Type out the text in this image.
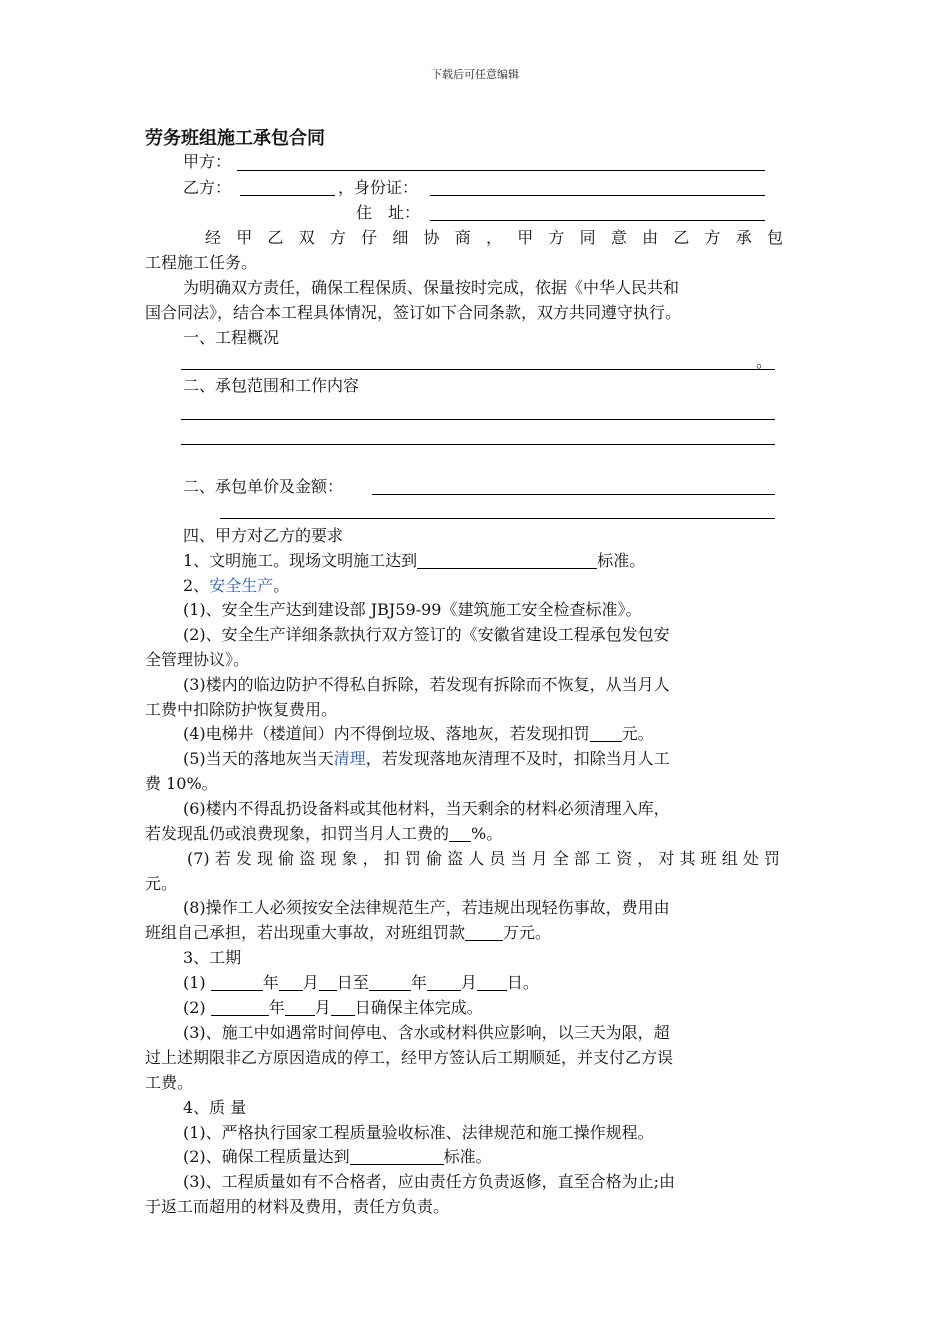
下载后可任意编辑
劳务班组施工承包合同
甲方：
乙方：	，身份证：
住　址：
经甲乙双方仔细协商，甲方同意由乙方承包
工程施工任务。
为明确双方责任，确保工程保质、保量按时完成，依据《中华人民共和
国合同法》，结合本工程具体情况，签订如下合同条款，双方共同遵守执行。
一、工程概况
。
二、承包范围和工作内容
二、承包单价及金额：
四、甲方对乙方的要求
1、文明施工。现场文明施工达到	标准。
2、安全生产。
(1)、安全生产达到建设部 JBJ59-99《建筑施工安全检查标准》。
(2)、安全生产详细条款执行双方签订的《安徽省建设工程承包发包安
全管理协议》。
(3)楼内的临边防护不得私自拆除，若发现有拆除而不恢复，从当月人
工费中扣除防护恢复费用。
(4)电梯井（楼道间）内不得倒垃圾、落地灰，若发现扣罚 元。
(5)当天的落地灰当天清理，若发现落地灰清理不及时，扣除当月人工
费 10%。
(6)楼内不得乱扔设备料或其他材料，当天剩余的材料必须清理入库，
若发现乱仍或浪费现象，扣罚当月人工费的 %。
(7)若发现偷盗现象，扣罚偷盗人员当月全部工资，对其班组处罚
元。
(8)操作工人必须按安全法律规范生产，若违规出现轻伤事故，费用由
班组自己承担，若出现重大事故，对班组罚款 万元。
3、工期
(1)	年 月 日至	年 月 日。
(2)	年 月 日确保主体完成。
(3)、施工中如遇常时间停电、含水或材料供应影响，以三天为限，超
过上述期限非乙方原因造成的停工，经甲方签认后工期顺延，并支付乙方误
工费。
4、质 量
(1)、严格执行国家工程质量验收标准、法律规范和施工操作规程。
(2)、确保工程质量达到	标准。
(3)、工程质量如有不合格者，应由责任方负责返修，直至合格为止;由
于返工而超用的材料及费用，责任方负责。
